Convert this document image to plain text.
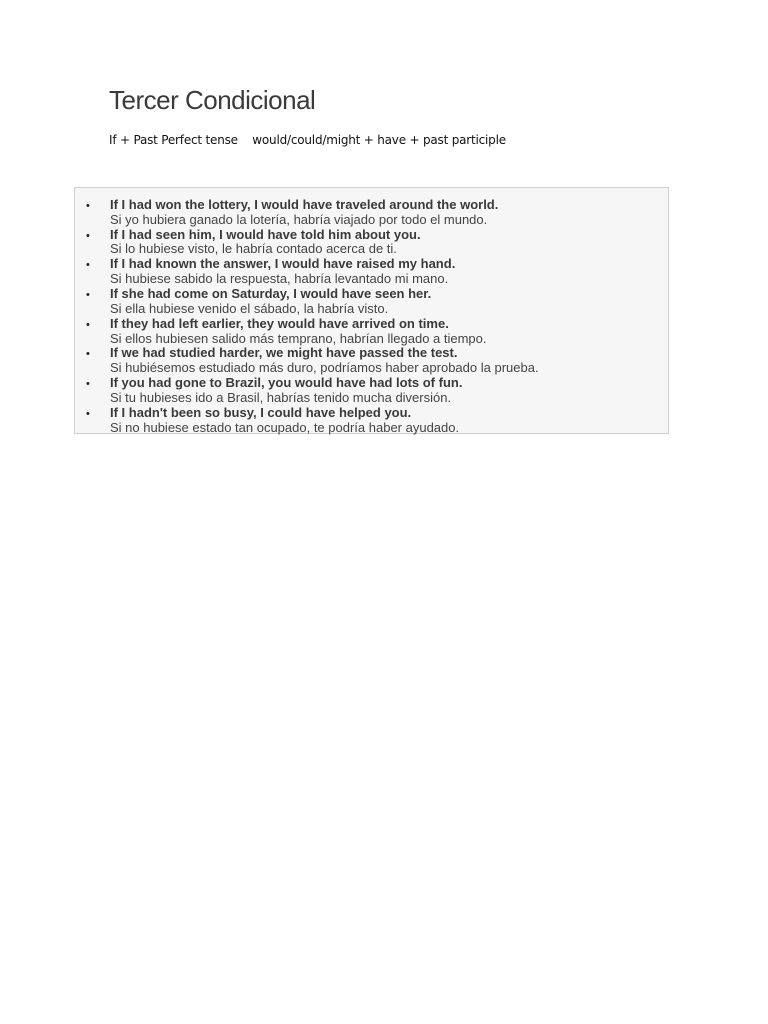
Tercer Condicional

If + Past Perfect tense    would/could/might + have + past participle

• If I had won the lottery, I would have traveled around the world.
Si yo hubiera ganado la lotería, habría viajado por todo el mundo.
• If I had seen him, I would have told him about you.
Si lo hubiese visto, le habría contado acerca de ti.
• If I had known the answer, I would have raised my hand.
Si hubiese sabido la respuesta, habría levantado mi mano.
• If she had come on Saturday, I would have seen her.
Si ella hubiese venido el sábado, la habría visto.
• If they had left earlier, they would have arrived on time.
Si ellos hubiesen salido más temprano, habrían llegado a tiempo.
• If we had studied harder, we might have passed the test.
Si hubiésemos estudiado más duro, podríamos haber aprobado la prueba.
• If you had gone to Brazil, you would have had lots of fun.
Si tu hubieses ido a Brasil, habrías tenido mucha diversión.
• If I hadn't been so busy, I could have helped you.
Si no hubiese estado tan ocupado, te podría haber ayudado.
